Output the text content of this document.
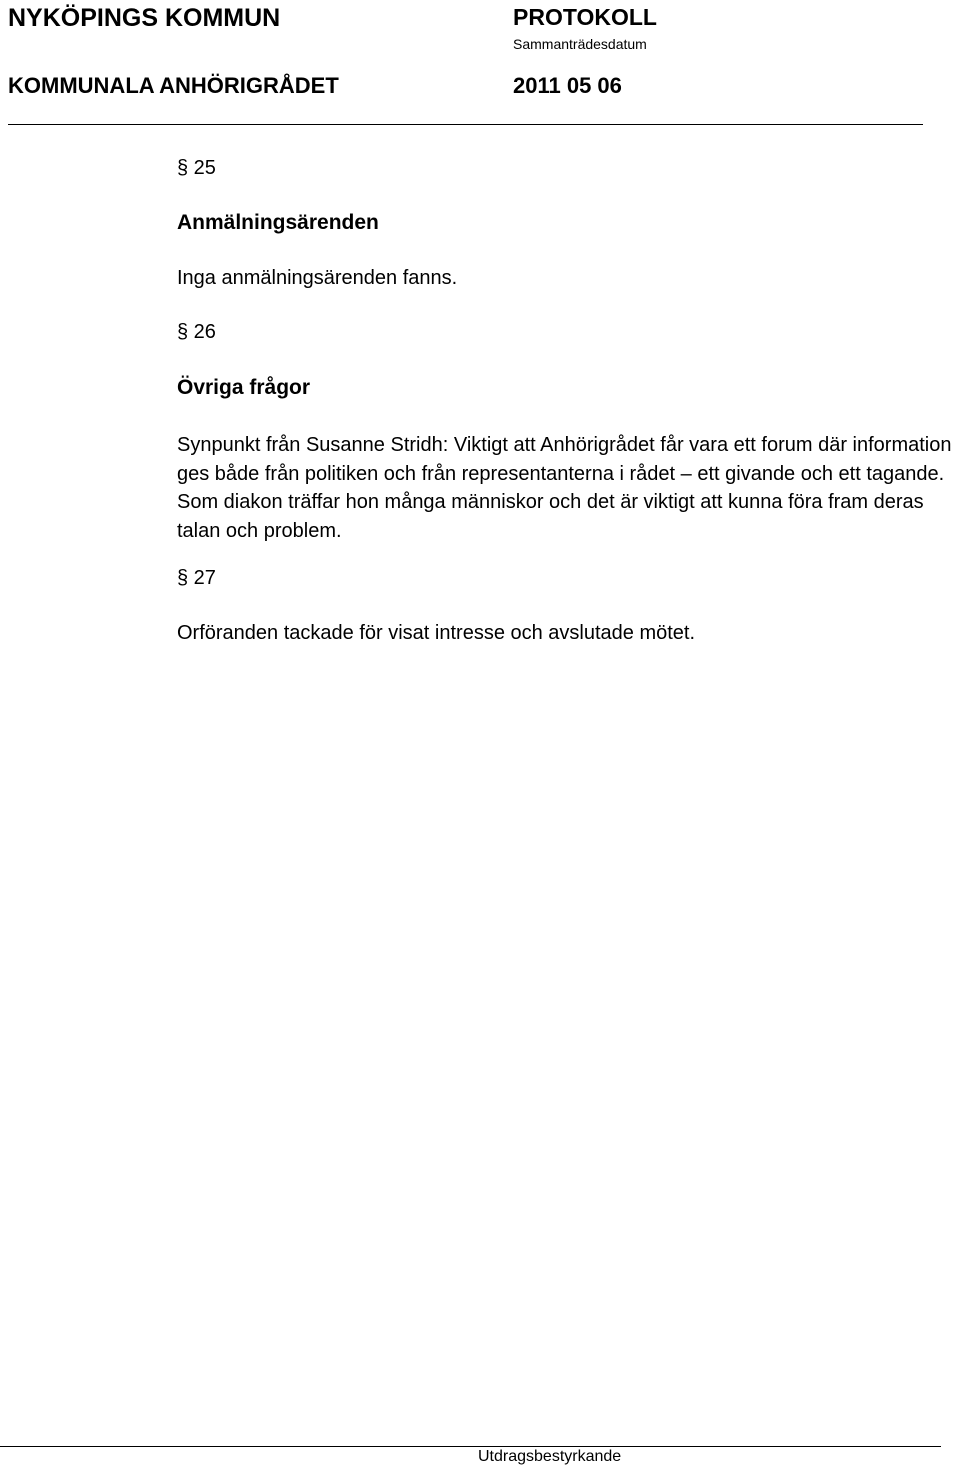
NYKÖPINGS KOMMUN	PROTOKOLL
Sammanträdesdatum
KOMMUNALA ANHÖRIGRÅDET	2011 05 06
§ 25
Anmälningsärenden
Inga anmälningsärenden fanns.
§ 26
Övriga frågor
Synpunkt från Susanne Stridh: Viktigt att Anhörigrådet får vara ett forum där information ges både från politiken och från representanterna i rådet – ett givande och ett tagande. Som diakon träffar hon många människor och det är viktigt att kunna föra fram deras talan och problem.
§ 27
Orföranden tackade för visat intresse och avslutade mötet.
Utdragsbestyrkande
